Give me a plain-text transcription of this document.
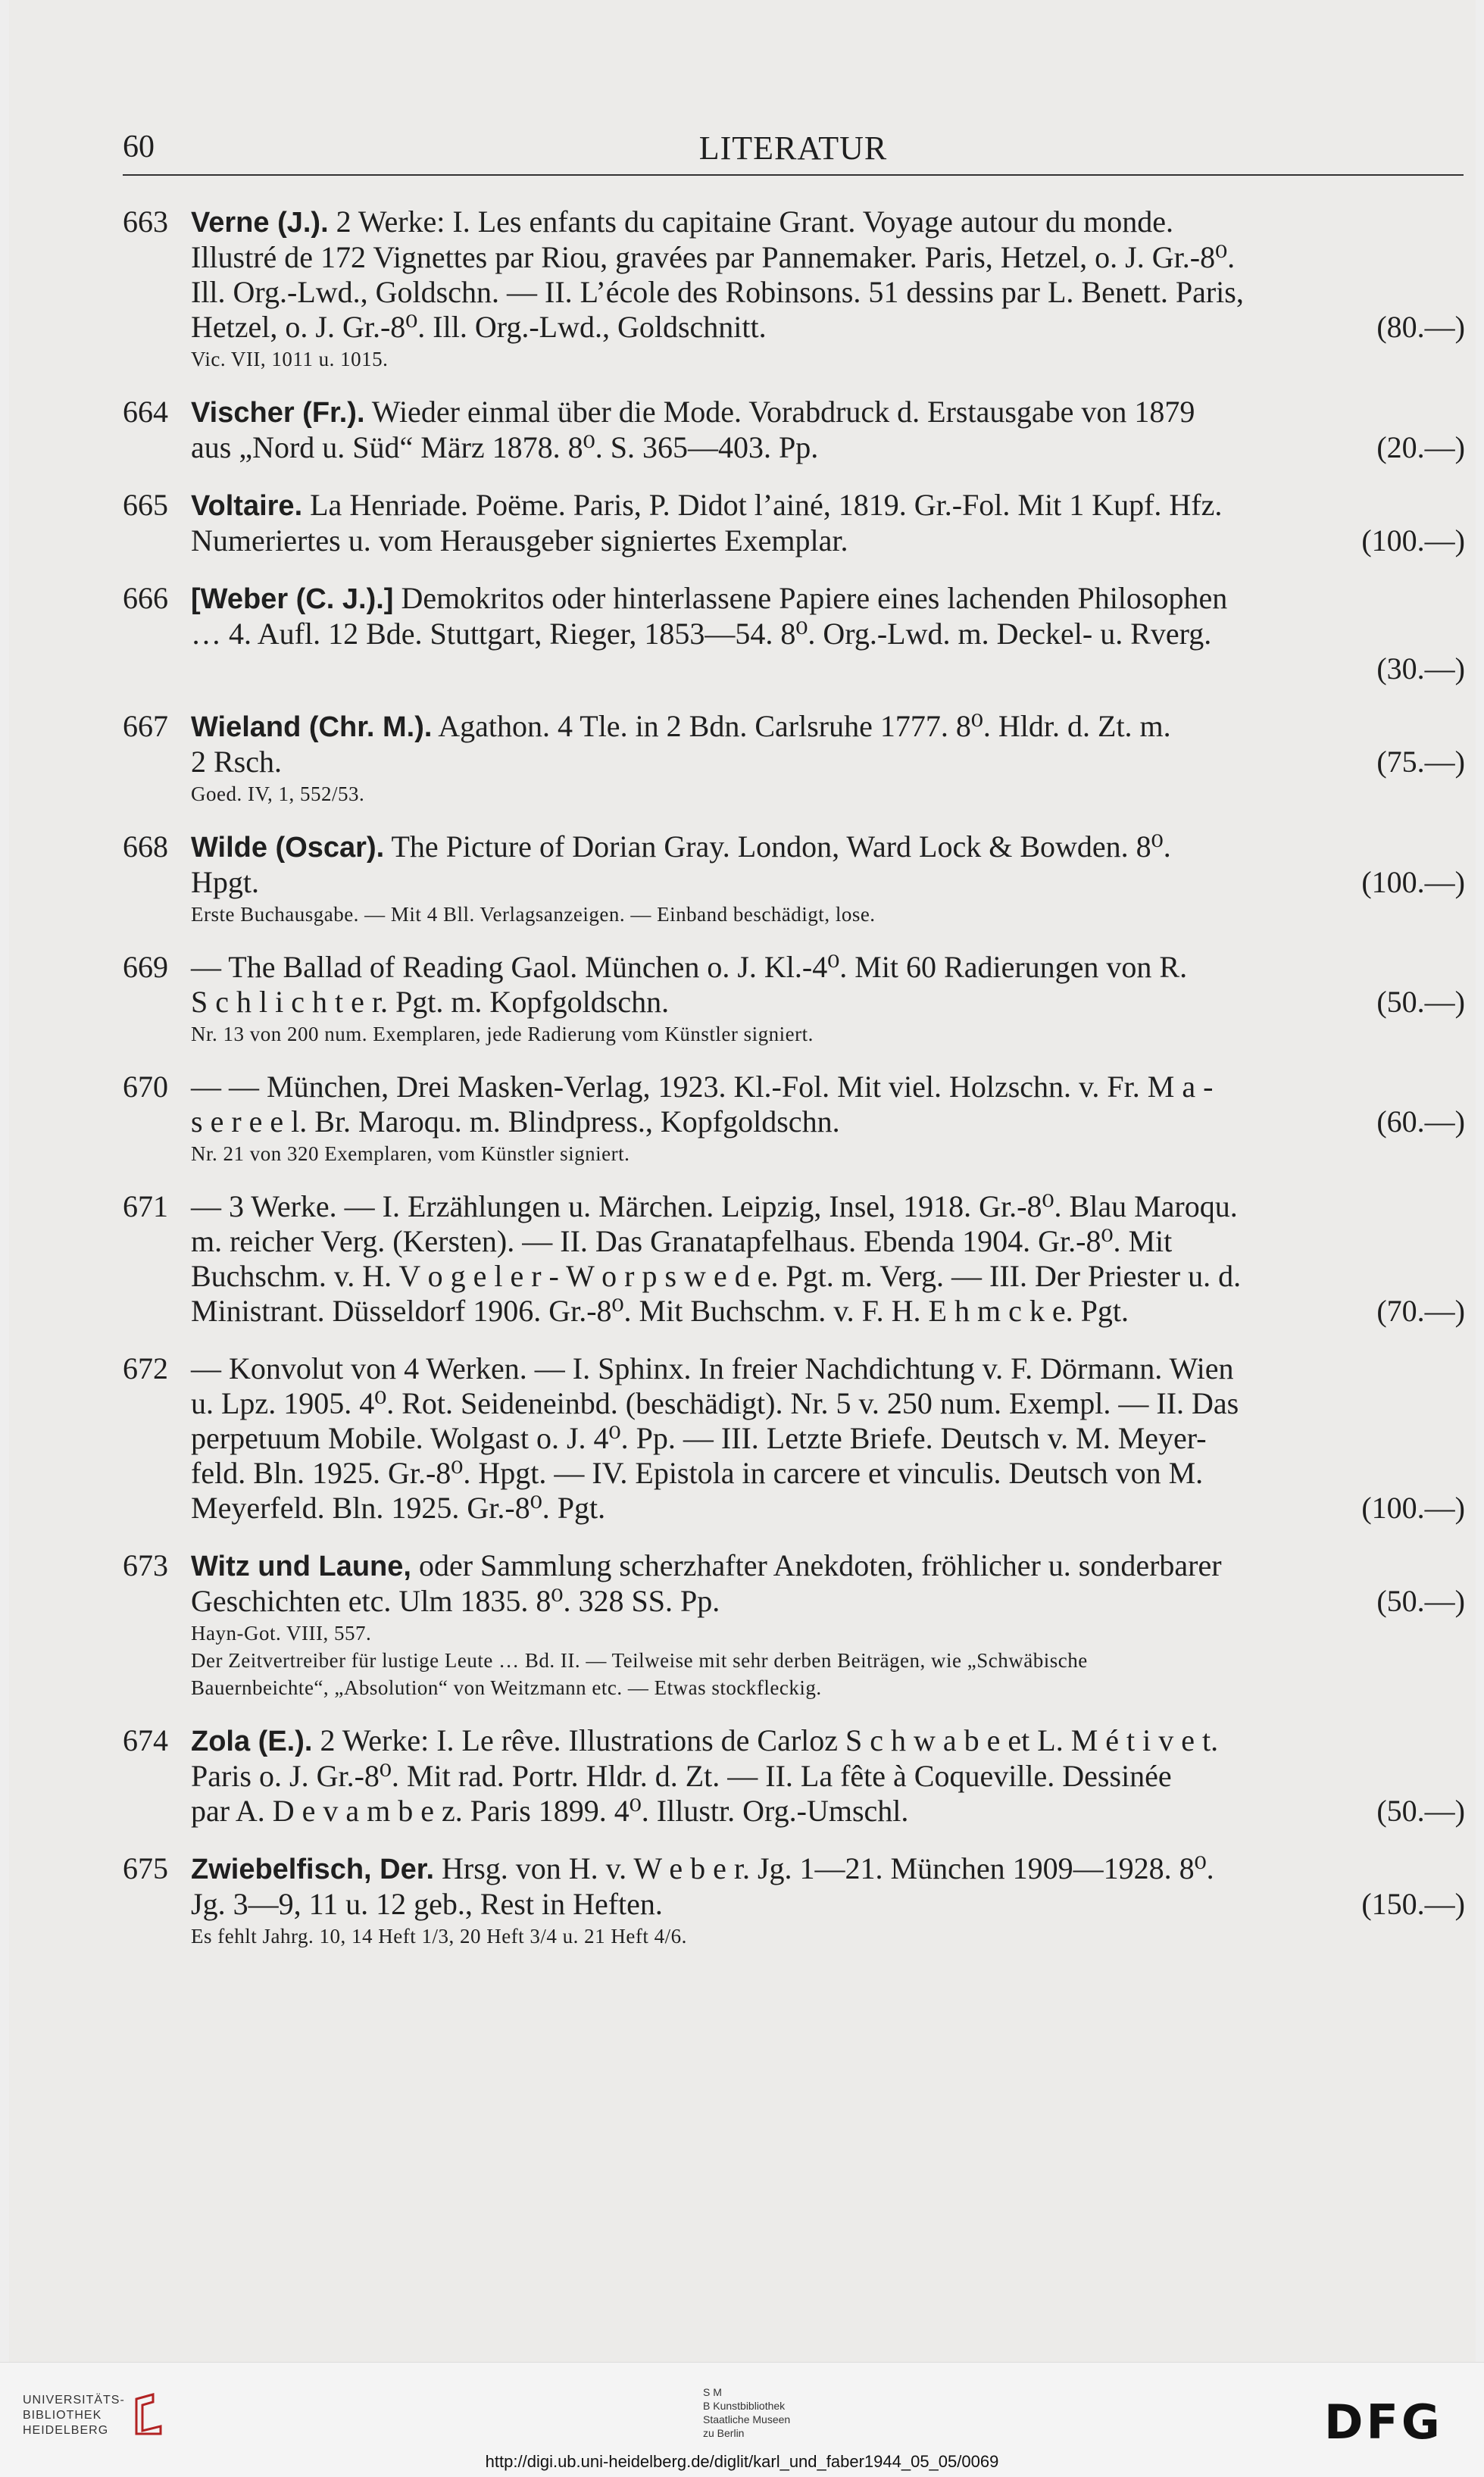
60	LITERATUR
663 Verne (J.). 2 Werke: I. Les enfants du capitaine Grant. Voyage autour du monde.
Illustré de 172 Vignettes par Riou, gravées par Pannemaker. Paris, Hetzel, o. J. Gr.-8⁰.
Ill. Org.-Lwd., Goldschn. — II. L’école des Robinsons. 51 dessins par L. Benett. Paris,
Hetzel, o. J. Gr.-8⁰. Ill. Org.-Lwd., Goldschnitt.	(80.—)
Vic. VII, 1011 u. 1015.
664 Vischer (Fr.). Wieder einmal über die Mode. Vorabdruck d. Erstausgabe von 1879
aus „Nord u. Süd“ März 1878. 8⁰. S. 365—403. Pp.	(20.—)
665 Voltaire. La Henriade. Poëme. Paris, P. Didot l’ainé, 1819. Gr.-Fol. Mit 1 Kupf. Hfz.
Numeriertes u. vom Herausgeber signiertes Exemplar.	(100.—)
666 [Weber (C. J.).] Demokritos oder hinterlassene Papiere eines lachenden Philosophen
… 4. Aufl. 12 Bde. Stuttgart, Rieger, 1853—54. 8⁰. Org.-Lwd. m. Deckel- u. Rverg.
(30.—)
667 Wieland (Chr. M.). Agathon. 4 Tle. in 2 Bdn. Carlsruhe 1777. 8⁰. Hldr. d. Zt. m.
2 Rsch.	(75.—)
Goed. IV, 1, 552/53.
668 Wilde (Oscar). The Picture of Dorian Gray. London, Ward Lock & Bowden. 8⁰.
Hpgt.	(100.—)
Erste Buchausgabe. — Mit 4 Bll. Verlagsanzeigen. — Einband beschädigt, lose.
669 — The Ballad of Reading Gaol. München o. J. Kl.-4⁰. Mit 60 Radierungen von R.
S c h l i c h t e r. Pgt. m. Kopfgoldschn.	(50.—)
Nr. 13 von 200 num. Exemplaren, jede Radierung vom Künstler signiert.
670 — — München, Drei Masken-Verlag, 1923. Kl.-Fol. Mit viel. Holzschn. v. Fr. M a -
s e r e e l. Br. Maroqu. m. Blindpress., Kopfgoldschn.	(60.—)
Nr. 21 von 320 Exemplaren, vom Künstler signiert.
671 — 3 Werke. — I. Erzählungen u. Märchen. Leipzig, Insel, 1918. Gr.-8⁰. Blau Maroqu.
m. reicher Verg. (Kersten). — II. Das Granatapfelhaus. Ebenda 1904. Gr.-8⁰. Mit
Buchschm. v. H. V o g e l e r - W o r p s w e d e. Pgt. m. Verg. — III. Der Priester u. d.
Ministrant. Düsseldorf 1906. Gr.-8⁰. Mit Buchschm. v. F. H. E h m c k e. Pgt.	(70.—)
672 — Konvolut von 4 Werken. — I. Sphinx. In freier Nachdichtung v. F. Dörmann. Wien
u. Lpz. 1905. 4⁰. Rot. Seideneinbd. (beschädigt). Nr. 5 v. 250 num. Exempl. — II. Das
perpetuum Mobile. Wolgast o. J. 4⁰. Pp. — III. Letzte Briefe. Deutsch v. M. Meyer-
feld. Bln. 1925. Gr.-8⁰. Hpgt. — IV. Epistola in carcere et vinculis. Deutsch von M.
Meyerfeld. Bln. 1925. Gr.-8⁰. Pgt.	(100.—)
673 Witz und Laune, oder Sammlung scherzhafter Anekdoten, fröhlicher u. sonderbarer
Geschichten etc. Ulm 1835. 8⁰. 328 SS. Pp.	(50.—)
Hayn-Got. VIII, 557.
Der Zeitvertreiber für lustige Leute … Bd. II. — Teilweise mit sehr derben Beiträgen, wie „Schwäbische
Bauernbeichte“, „Absolution“ von Weitzmann etc. — Etwas stockfleckig.
674 Zola (E.). 2 Werke: I. Le rêve. Illustrations de Carloz S c h w a b e et L. M é t i v e t.
Paris o. J. Gr.-8⁰. Mit rad. Portr. Hldr. d. Zt. — II. La fête à Coqueville. Dessinée
par A. D e v a m b e z. Paris 1899. 4⁰. Illustr. Org.-Umschl.	(50.—)
675 Zwiebelfisch, Der. Hrsg. von H. v. W e b e r. Jg. 1—21. München 1909—1928. 8⁰.
Jg. 3—9, 11 u. 12 geb., Rest in Heften.	(150.—)
Es fehlt Jahrg. 10, 14 Heft 1/3, 20 Heft 3/4 u. 21 Heft 4/6.
UNIVERSITÄTS-
BIBLIOTHEK
HEIDELBERG
S M
B Kunstbibliothek
Staatliche Museen
zu Berlin	DFG
http://digi.ub.uni-heidelberg.de/diglit/karl_und_faber1944_05_05/0069
